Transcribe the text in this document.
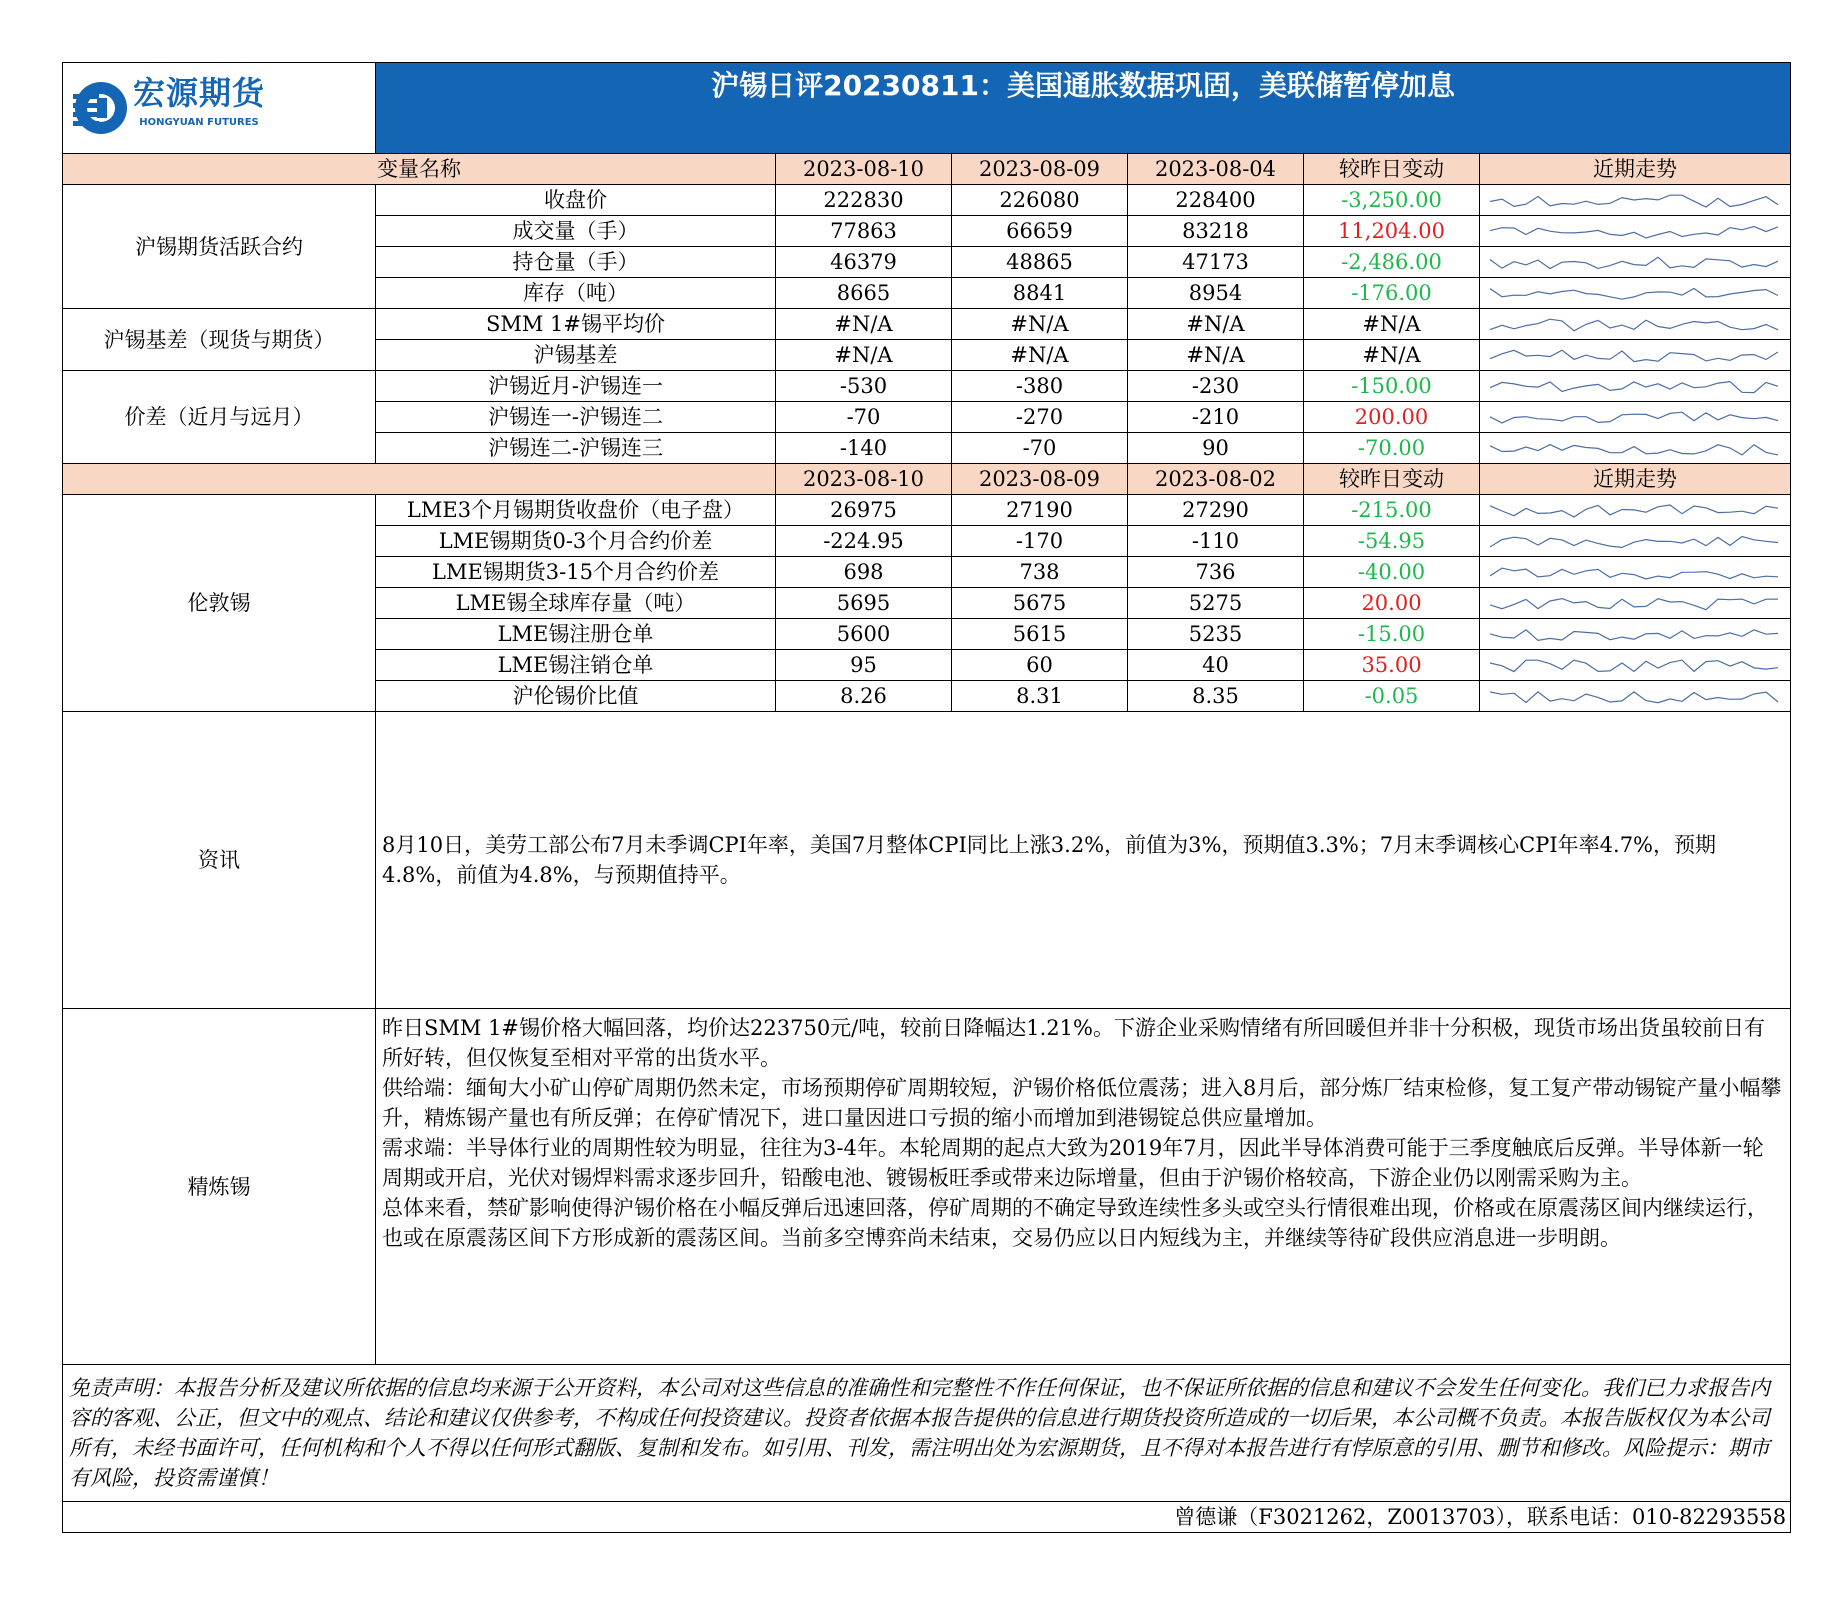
宏源期货
HONGYUAN FUTURES	沪锡日评20230811：美国通胀数据巩固，美联储暂停加息					
变量名称		2023-08-10	2023-08-09	2023-08-04	较昨日变动	近期走势
沪锡期货活跃合约	收盘价	222830	226080	228400	-3,250.00	

	成交量（手）	77863	66659	83218	11,204.00	

	持仓量（手）	46379	48865	47173	-2,486.00	

	库存（吨）	8665	8841	8954	-176.00	

沪锡基差（现货与期货）	SMM 1#锡平均价	#N/A	#N/A	#N/A	#N/A	

	沪锡基差	#N/A	#N/A	#N/A	#N/A	

价差（近月与远月）	沪锡近月-沪锡连一	-530	-380	-230	-150.00	

	沪锡连一-沪锡连二	-70	-270	-210	200.00	

	沪锡连二-沪锡连三	-140	-70	90	-70.00	

		2023-08-10	2023-08-09	2023-08-02	较昨日变动	近期走势
伦敦锡	LME3个月锡期货收盘价（电子盘）	26975	27190	27290	-215.00	

	LME锡期货0-3个月合约价差	-224.95	-170	-110	-54.95	

	LME锡期货3-15个月合约价差	698	738	736	-40.00	

	LME锡全球库存量（吨）	5695	5675	5275	20.00	

	LME锡注册仓单	5600	5615	5235	-15.00	

	LME锡注销仓单	95	60	40	35.00	

	沪伦锡价比值	8.26	8.31	8.35	-0.05	

资讯	8月10日，美劳工部公布7月未季调CPI年率，美国7月整体CPI同比上涨3.2%，前值为3%，预期值3.3%；7月末季调核心CPI年率4.7%，预期4.8%，前值为4.8%，与预期值持平。					
精炼锡	昨日SMM 1#锡价格大幅回落，均价达223750元/吨，较前日降幅达1.21%。下游企业采购情绪有所回暖但并非十分积极，现货市场出货虽较前日有所好转，但仅恢复至相对平常的出货水平。
供给端：缅甸大小矿山停矿周期仍然未定，市场预期停矿周期较短，沪锡价格低位震荡；进入8月后，部分炼厂结束检修，复工复产带动锡锭产量小幅攀升，精炼锡产量也有所反弹；在停矿情况下，进口量因进口亏损的缩小而增加到港锡锭总供应量增加。
需求端：半导体行业的周期性较为明显，往往为3-4年。本轮周期的起点大致为2019年7月，因此半导体消费可能于三季度触底后反弹。半导体新一轮周期或开启，光伏对锡焊料需求逐步回升，铅酸电池、镀锡板旺季或带来边际增量，但由于沪锡价格较高，下游企业仍以刚需采购为主。
总体来看，禁矿影响使得沪锡价格在小幅反弹后迅速回落，停矿周期的不确定导致连续性多头或空头行情很难出现，价格或在原震荡区间内继续运行，也或在原震荡区间下方形成新的震荡区间。当前多空博弈尚未结束，交易仍应以日内短线为主，并继续等待矿段供应消息进一步明朗。					

免责声明：本报告分析及建议所依据的信息均来源于公开资料，本公司对这些信息的准确性和完整性不作任何保证，也不保证所依据的信息和建议不会发生任何变化。我们已力求报告内容的客观、公正，但文中的观点、结论和建议仅供参考，不构成任何投资建议。投资者依据本报告提供的信息进行期货投资所造成的一切后果，本公司概不负责。本报告版权仅为本公司所有，未经书面许可，任何机构和个人不得以任何形式翻版、复制和发布。如引用、刊发，需注明出处为宏源期货，且不得对本报告进行有悖原意的引用、删节和修改。风险提示：期市有风险，投资需谨慎！						
曾德谦（F3021262，Z0013703），联系电话：010-82293558						
